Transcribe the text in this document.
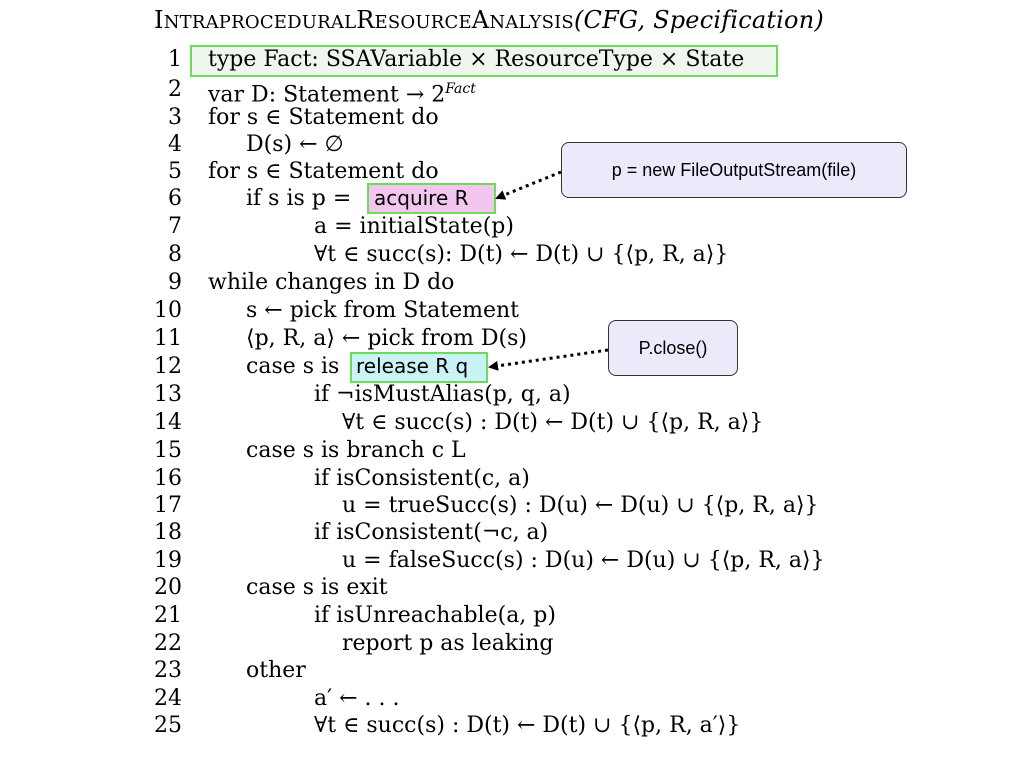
INTRAPROCEDURALRESOURCEANALYSIS(CFG, Specification)
1 type Fact: SSAVariable × ResourceType × State
2 var D: Statement → $2^{Fact}$
3 for s ∈ Statement do
4	D(s) ← ∅
5 for s ∈ Statement do
6	if s is p = acquire R
7	a = initialState(p)
8	∀t ∈ succ(s): D(t) ← D(t) ∪ {⟨p, R, a⟩}
9 while changes in D do
10	s ← pick from Statement
11	⟨p, R, a⟩ ← pick from D(s)
12	case s is release R q
13	if ¬isMustAlias(p, q, a)
14	∀t ∈ succ(s) : D(t) ← D(t) ∪ {⟨p, R, a⟩}
15	case s is branch c L
16	if isConsistent(c, a)
17	u = trueSucc(s) : D(u) ← D(u) ∪ {⟨p, R, a⟩}
18	if isConsistent(¬c, a)
19	u = falseSucc(s) : D(u) ← D(u) ∪ {⟨p, R, a⟩}
20	case s is exit
21	if isUnreachable(a, p)
22	report p as leaking
23	other
24	a′ ← . . .
25	∀t ∈ succ(s) : D(t) ← D(t) ∪ {⟨p, R, a′⟩}
p = new FileOutputStream(file)
P.close()
